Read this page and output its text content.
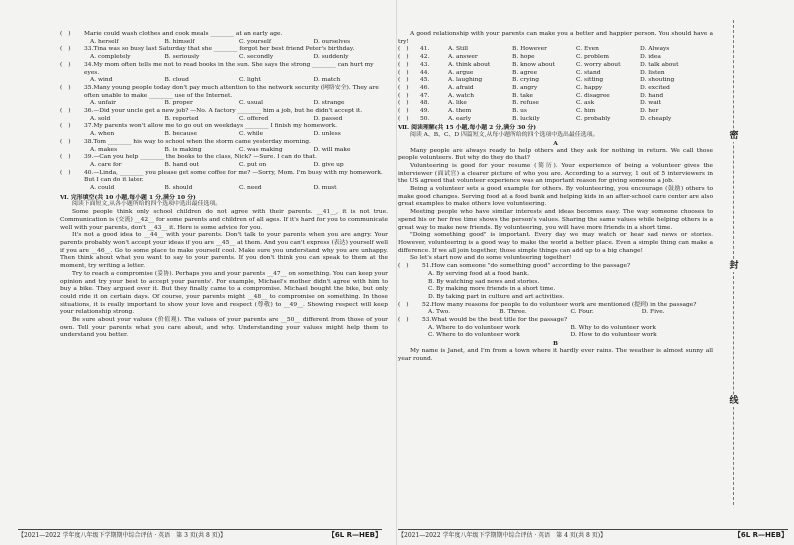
(　)	Marie could wash clothes and cook meals ________ at an early age.
A. herself	B. himself	C. yourself	D. ourselves
(　)	33.Tina was so busy last Saturday that she ________ forgot her best friend Peter's birthday.
A. completely	B. seriously	C. secondly	D. suddenly
(　)	34.My mom often tells me not to read books in the sun. She says the strong ________ can hurt my eyes.
A. wind	B. cloud	C. light	D. match
(　)	35.Many young people today don't pay much attention to the network security (网络安全). They are often unable to make ________ use of the Internet.
A. unfair	B. proper	C. usual	D. strange
(　)	36.—Did your uncle get a new job? —No. A factory ________ him a job, but he didn't accept it.
A. sold	B. reported	C. offered	D. passed
(　)	37.My parents won't allow me to go out on weekdays ________ I finish my homework.
A. when	B. because	C. while	D. unless
(　)	38.Tom ________ his way to school when the storm came yesterday morning.
A. makes	B. is making	C. was making	D. will make
(　)	39.—Can you help ________ the books to the class, Nick? —Sure. I can do that.
A. care for	B. hand out	C. put on	D. give up
(　)	40.—Linda, ________ you please get some coffee for me? —Sorry, Mom. I'm busy with my homework. But I can do it later.
A. could	B. should	C. need	D. must
Ⅵ. 完形填空(共 10 小题,每小题 1 分,满分 10 分)
阅读下面短文,从各小题所给的四个选项中选出最佳选项。

Some people think only school children do not agree with their parents. __41__, it is not true. Communication is (交流) __42__ for some parents and children of all ages. If it's hard for you to communicate well with your parents, don't __43__ it. Here is some advice for you.

It's not a good idea to __44__ with your parents. Don't talk to your parents when you are angry. Your parents probably won't accept your ideas if you are __45__ at them. And you can't express (表达) yourself well if you are __46__. Go to some place to make yourself cool. Make sure you understand why you are unhappy. Then think about what you want to say to your parents. If you don't think you can speak to them at the moment, try writing a letter.

Try to reach a compromise (妥协). Perhaps you and your parents __47__ on something. You can keep your opinion and try your best to accept your parents'. For example, Michael's mother didn't agree with him to buy a bike. They argued over it. But they finally came to a compromise. Michael bought the bike, but only could ride it on certain days. Of course, your parents might __48__ to compromise on something. In those situations, it is really important to show your love and respect (尊敬) to __49__. Showing respect will keep your relationship strong.

Be sure about your values (价值观). The values of your parents are __50__ different from those of your own. Tell your parents what you care about, and why. Understanding your values might help them to understand you better.

【2021—2022 学年度八年级下学期期中综合评估 · 英语　第 3 页(共 8 页)】	【6L R—HEB】

A good relationship with your parents can make you a better and happier person. You should have a try!

(　)	41.	A. Still	B. However	C. Even	D. Always
(　)	42.	A. answer	B. hope	C. problem	D. idea
(　)	43.	A. think about	B. know about	C. worry about	D. talk about
(　)	44.	A. argue	B. agree	C. stand	D. listen
(　)	45.	A. laughing	B. crying	C. sitting	D. shouting
(　)	46.	A. afraid	B. angry	C. happy	D. excited
(　)	47.	A. watch	B. take	C. disagree	D. hand
(　)	48.	A. like	B. refuse	C. ask	D. wait
(　)	49.	A. them	B. us	C. him	D. her
(　)	50.	A. early	B. luckily	C. probably	D. cheaply
Ⅶ. 阅读理解(共 15 小题,每小题 2 分,满分 30 分)
阅读 A、B、C、D 四篇短文,从每小题所给的四个选项中选出最佳选项。
A

Many people are always ready to help others and they ask for nothing in return. We call those people volunteers. But why do they do that?

Volunteering is good for your resume (简历). Your experience of being a volunteer gives the interviewer (面试官) a clearer picture of who you are. According to a survey, 1 out of 5 interviewers in the US agreed that volunteer experience was an important reason for giving someone a job.

Being a volunteer sets a good example for others. By volunteering, you encourage (鼓励) others to make good changes. Serving food at a food bank and helping kids in an after-school care center are also great examples to make others love volunteering.

Meeting people who have similar interests and ideas becomes easy. The way someone chooses to spend his or her free time shows the person's values. Sharing the same values while helping others is a great way to make new friends. By volunteering, you will have more friends in a short time.

"Doing something good" is important. Every day we may watch or hear sad news or stories. However, volunteering is a good way to make the world a better place. Even a simple thing can make a difference. If we all join together, those simple things can add up to a big change!

So let's start now and do some volunteering together!

(　)	51.How can someone "do something good" according to the passage?
A. By serving food at a food bank.
B. By watching sad news and stories.
C. By making more friends in a short time.
D. By taking part in culture and art activities.
(　)	52.How many reasons for people to do volunteer work are mentioned (提到) in the passage?
A. Two.	B. Three.	C. Four.	D. Five.
(　)	53.What would be the best title for the passage?
A. Where to do volunteer work	B. Why to do volunteer work
C. Where to do volunteer work	D. How to do volunteer work
B

My name is Janet, and I'm from a town where it hardly ever rains. The weather is almost sunny all year round.

密
封
线
【2021—2022 学年度八年级下学期期中综合评估 · 英语　第 4 页(共 8 页)】	【6L R—HEB】
